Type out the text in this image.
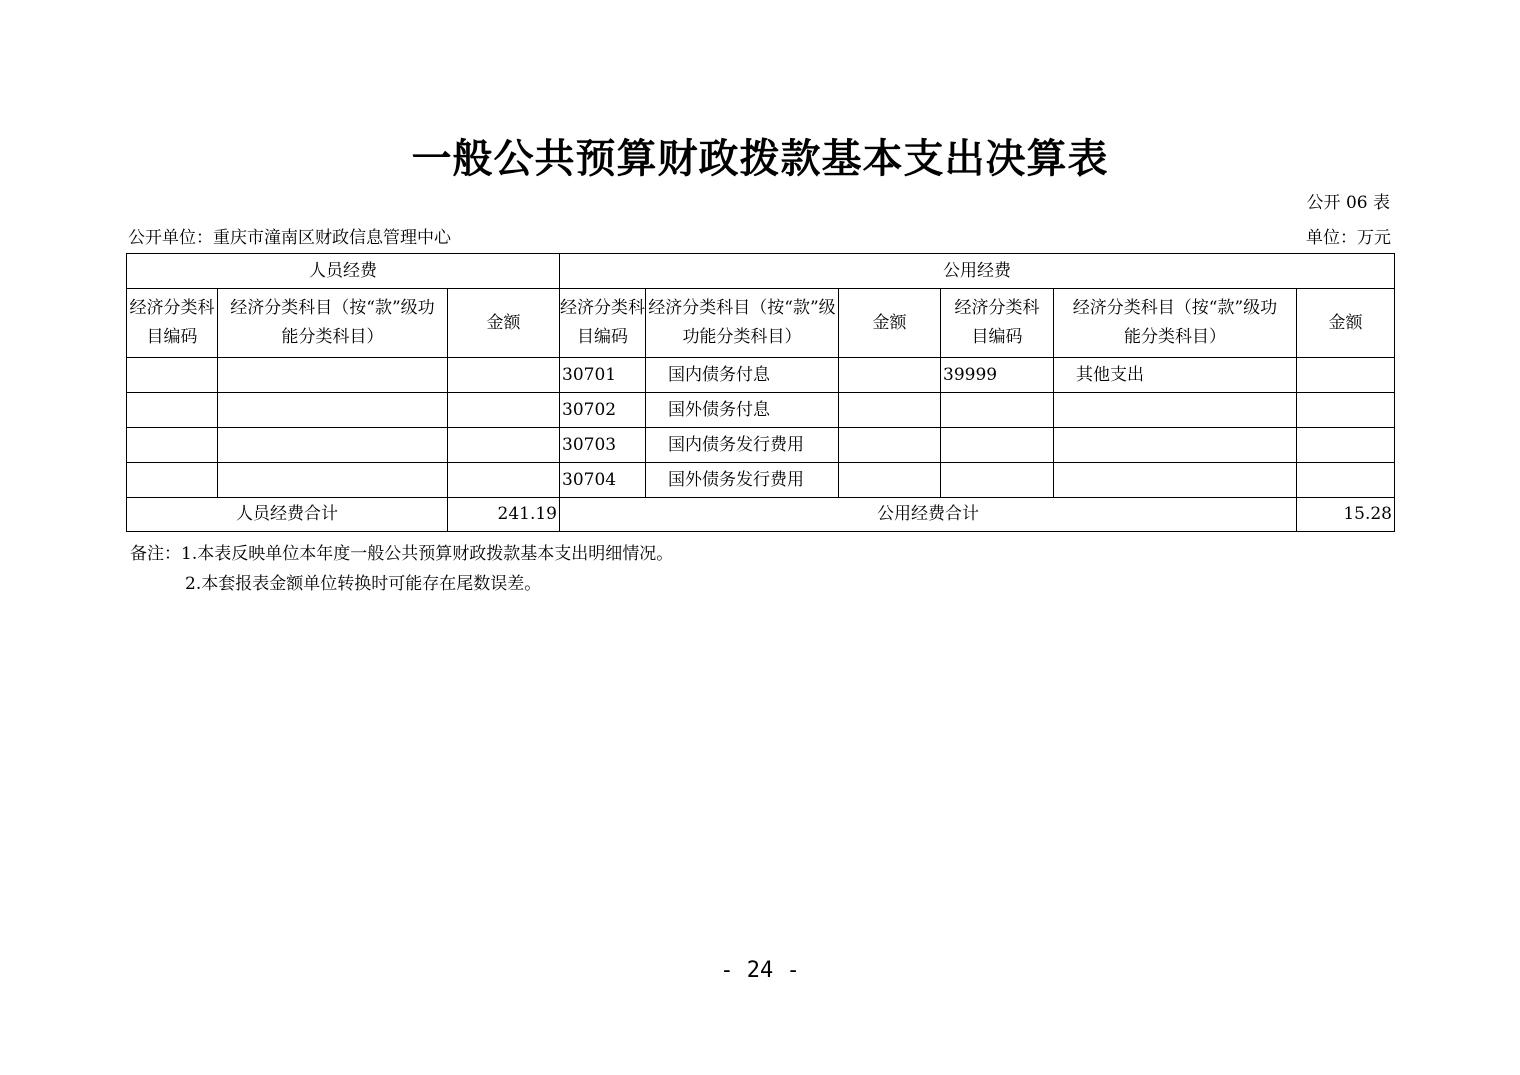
一般公共预算财政拨款基本支出决算表
公开 06 表
公开单位：重庆市潼南区财政信息管理中心	单位：万元
人员经费			公用经费					
经济分类科目编码	经济分类科目（按“款”级功能分类科目）	金额	经济分类科目编码	经济分类科目（按“款”级功能分类科目）	金额	经济分类科目编码	经济分类科目（按“款”级功能分类科目）	金额
			30701	国内债务付息		39999	其他支出	
			30702	国外债务付息				
			30703	国内债务发行费用				
			30704	国外债务发行费用				
人员经费合计		241.19	公用经费合计					15.28
备注：1.本表反映单位本年度一般公共预算财政拨款基本支出明细情况。
2.本套报表金额单位转换时可能存在尾数误差。
- 24 -
